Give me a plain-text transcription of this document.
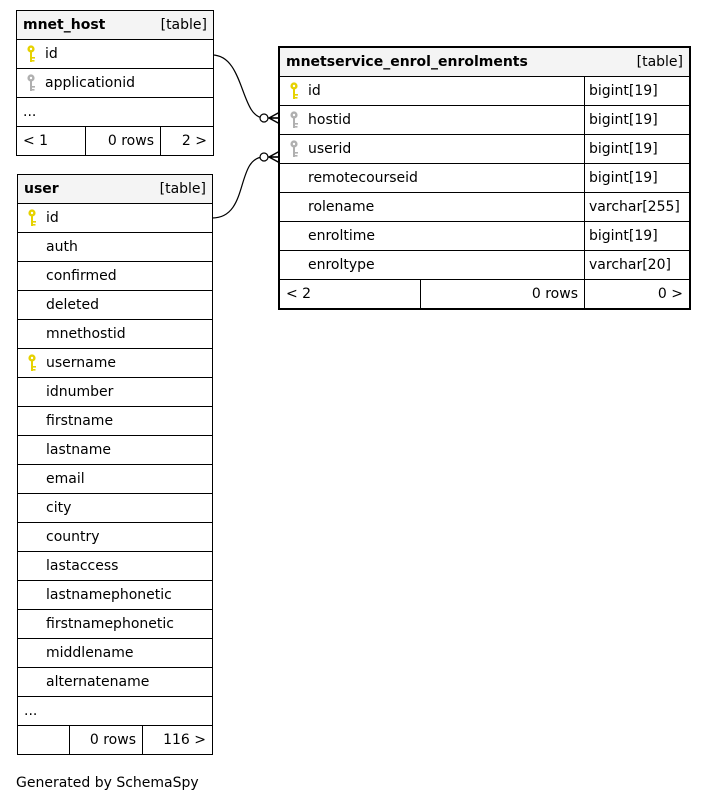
mnet_host	[table]

id

applicationid

...
< 1	0 rows	2 >
user	[table]

id

auth

confirmed

deleted

mnethostid

username

idnumber

firstname

lastname

email

city

country

lastaccess

lastnamephonetic

firstnamephonetic

middlename

alternatename

...
	0 rows	116 >
mnetservice_enrol_enrolments [table]		

id		bigint[19]

hostid		bigint[19]

userid		bigint[19]

remotecourseid		bigint[19]

rolename		varchar[255]

enroltime		bigint[19]

enroltype		varchar[20]
< 2	0 rows	0 >
Generated by SchemaSpy
